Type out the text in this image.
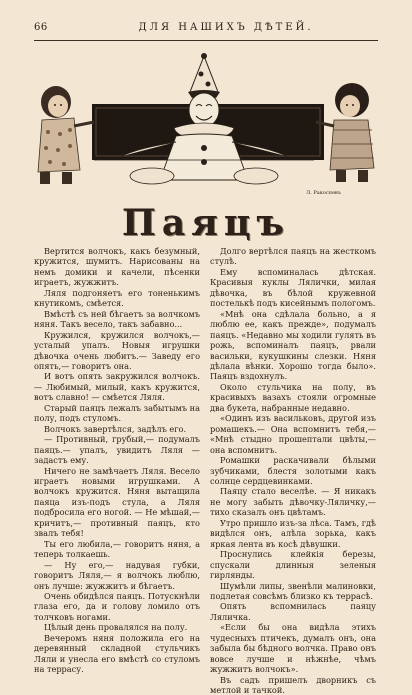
66	ДЛЯ НАШИХЪ ДѢТЕЙ.
Л. Ракоспевъ
Паяцъ

Вертится волчокъ, какъ безумный, кружится, шумитъ. Нарисованы на немъ домики и качели, пѣсенки играетъ, жужжитъ.

Ляля подгоняетъ его тоненькимъ кнутикомъ, смѣется.

Вмѣстѣ съ ней бѣгаетъ за волчкомъ няня. Такъ весело, такъ забавно...

Кружился, кружился волчокъ,—усталый упалъ. Новыя игрушки дѣвочка очень любитъ.— Заведу его опять,— говоритъ она.

И вотъ опять закружился волчокъ.— Любимый, милый, какъ кружится, вотъ славно! — смѣется Ляля.

Старый паяцъ лежалъ забытымъ на полу, подъ стуломъ.

Волчокъ завертѣлся, задѣлъ его.

— Противный, грубый,— подумалъ паяцъ.— упалъ, увидитъ Ляля — задастъ ему.

Ничего не замѣчаетъ Ляля. Весело играетъ новыми игрушками. А волчокъ кружится. Няня вытащила паяца изъ-подъ стула, а Ляля подбросила его ногой. — Не мѣшай,— кричитъ,— противный паяцъ, кто звалъ тебя!

Ты его любила,— говоритъ няня, а теперь толкаешь.

— Ну его,— надувая губки, говоритъ Ляля,— я волчокъ люблю, онъ лучше: жужжитъ и бѣгаетъ.

Очень обидѣлся паяцъ. Потускнѣли глаза его, да и голову ломило отъ толчковъ ногами.

Цѣлый день провалялся на полу.

Вечеромъ няня положила его на деревянный складной стульчикъ Ляли и унесла его вмѣстѣ со стуломъ на террасу.

Долго вертѣлся паяцъ на жесткомъ стулѣ.

Ему вспоминалась дѣтская. Красивыя куклы Лялички, милая дѣвочка, въ бѣлой кружевной постелькѣ подъ кисейнымъ пологомъ.

«Мнѣ она сдѣлала больно, а я люблю ее, какъ прежде», подумалъ паяцъ. «Недавно мы ходили гулять въ рожь, вспоминалъ паяцъ, рвали васильки, кукушкины слезки. Няня дѣлала вѣнки. Хорошо тогда было». Паяцъ вздохнулъ.

Около стульчика на полу, въ красивыхъ вазахъ стояли огромные два букета, набранные недавно.

«Одинъ изъ васильковъ, другой изъ ромашекъ.— Она вспомнитъ тебя,— «Мнѣ стыдно прошептали цвѣты,— она вспомнитъ.

Ромашки раскачивали бѣлыми зубчиками, блестя золотыми какъ солнце сердцевинками.

Паяцу стало веселѣе. — Я никакъ не могу забыть дѣвочку-Ляличку,— тихо сказалъ онъ цвѣтамъ.

Утро пришло изъ-за лѣса. Тамъ, гдѣ видѣлся онъ, алѣла зорька, какъ яркая лента въ косѣ дѣвушки.

Проснулись клейкія березы, спускали длинныя зеленыя гирлянды.

Шумѣли липы, звенѣли малиновки, подлетая совсѣмъ близко къ террасѣ.

Опять вспомнилась паяцу Ляличка.

«Если бы она видѣла этихъ чудесныхъ птичекъ, думалъ онъ, она забыла бы бѣдного волчка. Право онъ вовсе лучше и нѣжнѣе, чѣмъ жужжитъ волчокъ».

Въ садъ пришелъ дворникъ съ метлой и тачкой.
